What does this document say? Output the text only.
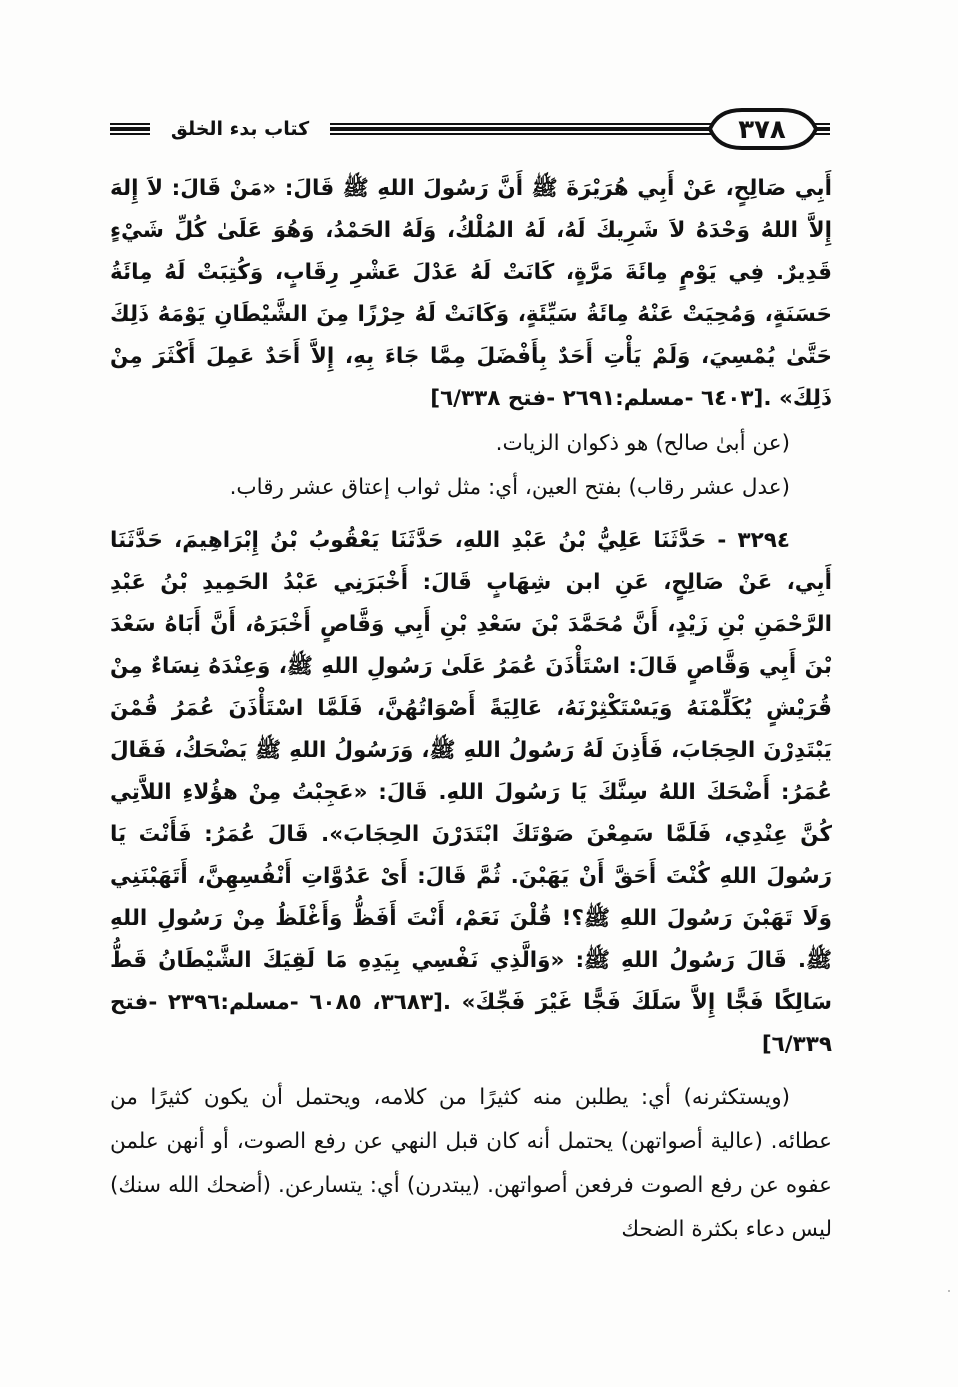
٣٧٨
كتاب بدء الخلق

أَبِي صَالِحٍ، عَنْ أَبِي هُرَيْرَةَ ﷺ أَنَّ رَسُولَ اللهِ ﷺ قَالَ: «مَنْ قَالَ: لاَ إِلهَ إِلاَّ اللهُ وَحْدَهُ لاَ شَرِيكَ لَهُ، لَهُ المُلْكُ، وَلَهُ الحَمْدُ، وَهُوَ عَلَىٰ كُلِّ شَيْءٍ قَدِيرٌ. فِي يَوْمٍ مِائَةَ مَرَّةٍ، كَانَتْ لَهُ عَدْلَ عَشْرِ رِقَابٍ، وَكُتِبَتْ لَهُ مِائَةُ حَسَنَةٍ، وَمُحِيَتْ عَنْهُ مِائَةُ سَيِّئَةٍ، وَكَانَتْ لَهُ حِرْزًا مِنَ الشَّيْطَانِ يَوْمَهُ ذَلِكَ حَتَّىٰ يُمْسِيَ، وَلَمْ يَأْتِ أَحَدٌ بِأَفْضَلَ مِمَّا جَاءَ بِهِ، إِلاَّ أَحَدٌ عَمِلَ أَكْثَرَ مِنْ ذَلِكَ» .[٦٤٠٣ -مسلم:٢٦٩١ -فتح ٦/٣٣٨]

(عن أبىٰ صالح) هو ذكوان الزيات.

(عدل عشر رقاب) بفتح العين، أي: مثل ثواب إعتاق عشر رقاب.

٣٢٩٤ - حَدَّثَنَا عَلِيُّ بْنُ عَبْدِ اللهِ، حَدَّثَنَا يَعْقُوبُ بْنُ إِبْرَاهِيمَ، حَدَّثَنَا أَبِي، عَنْ صَالِحٍ، عَنِ ابن شِهَابٍ قَالَ: أَخْبَرَنِي عَبْدُ الحَمِيدِ بْنُ عَبْدِ الرَّحْمَنِ بْنِ زَيْدٍ، أَنَّ مُحَمَّدَ بْنَ سَعْدِ بْنِ أَبِي وَقَّاصٍ أَخْبَرَهُ، أَنَّ أَبَاهُ سَعْدَ بْنَ أَبِي وَقَّاصٍ قَالَ: اسْتَأْذَنَ عُمَرُ عَلَىٰ رَسُولِ اللهِ ﷺ، وَعِنْدَهُ نِسَاءٌ مِنْ قُرَيْشٍ يُكَلِّمْنَهُ وَيَسْتَكْثِرْنَهُ، عَالِيَةً أَصْوَاتُهُنَّ، فَلَمَّا اسْتَأْذَنَ عُمَرُ قُمْنَ يَبْتَدِرْنَ الحِجَابَ، فَأَذِنَ لَهُ رَسُولُ اللهِ ﷺ، وَرَسُولُ اللهِ ﷺ يَضْحَكُ، فَقَالَ عُمَرُ: أَضْحَكَ اللهُ سِنَّكَ يَا رَسُولَ اللهِ. قَالَ: «عَجِبْتُ مِنْ هؤُلاءِ اللاَّتِي كُنَّ عِنْدِي، فَلَمَّا سَمِعْنَ صَوْتَكَ ابْتَدَرْنَ الحِجَابَ». قَالَ عُمَرُ: فَأَنْتَ يَا رَسُولَ اللهِ كُنْتَ أَحَقَّ أَنْ يَهَبْنَ. ثُمَّ قَالَ: أَىْ عَدُوَّاتِ أَنْفُسِهِنَّ، أَتَهَبْنَنِي وَلَا تَهَبْنَ رَسُولَ اللهِ ﷺ؟! قُلْنَ نَعَمْ، أَنْتَ أَفَظُّ وَأَغْلَظُ مِنْ رَسُولِ اللهِ ﷺ. قَالَ رَسُولُ اللهِ ﷺ: «وَالَّذِي نَفْسِي بِيَدِهِ مَا لَقِيَكَ الشَّيْطَانُ قَطُّ سَالِكًا فَجًّا إِلاَّ سَلَكَ فَجًّا غَيْرَ فَجِّكَ» .[٣٦٨٣، ٦٠٨٥ -مسلم:٢٣٩٦ -فتح ٦/٣٣٩]

(ويستكثرنه) أي: يطلبن منه كثيرًا من كلامه، ويحتمل أن يكون كثيرًا من عطائه. (عالية أصواتهن) يحتمل أنه كان قبل النهي عن رفع الصوت، أو أنهن علمن عفوه عن رفع الصوت فرفعن أصواتهن. (يبتدرن) أي: يتسارعن. (أضحك الله سنك) ليس دعاء بكثرة الضحك
